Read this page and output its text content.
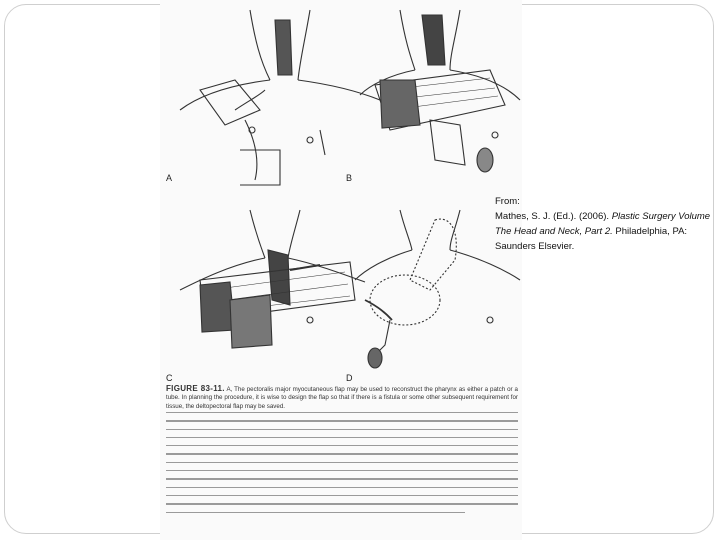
A	B
C	D
FIGURE 83-11. A, The pectoralis major myocutaneous flap may be used to reconstruct the pharynx as either a patch or a tube. In planning the procedure, it is wise to design the flap so that if there is a fistula or some other subsequent requirement for tissue, the deltopectoral flap may be saved.
From:
Mathes, S. J. (Ed.). (2006). Plastic Surgery Volume
The Head and Neck, Part 2. Philadelphia, PA:
Saunders Elsevier.
